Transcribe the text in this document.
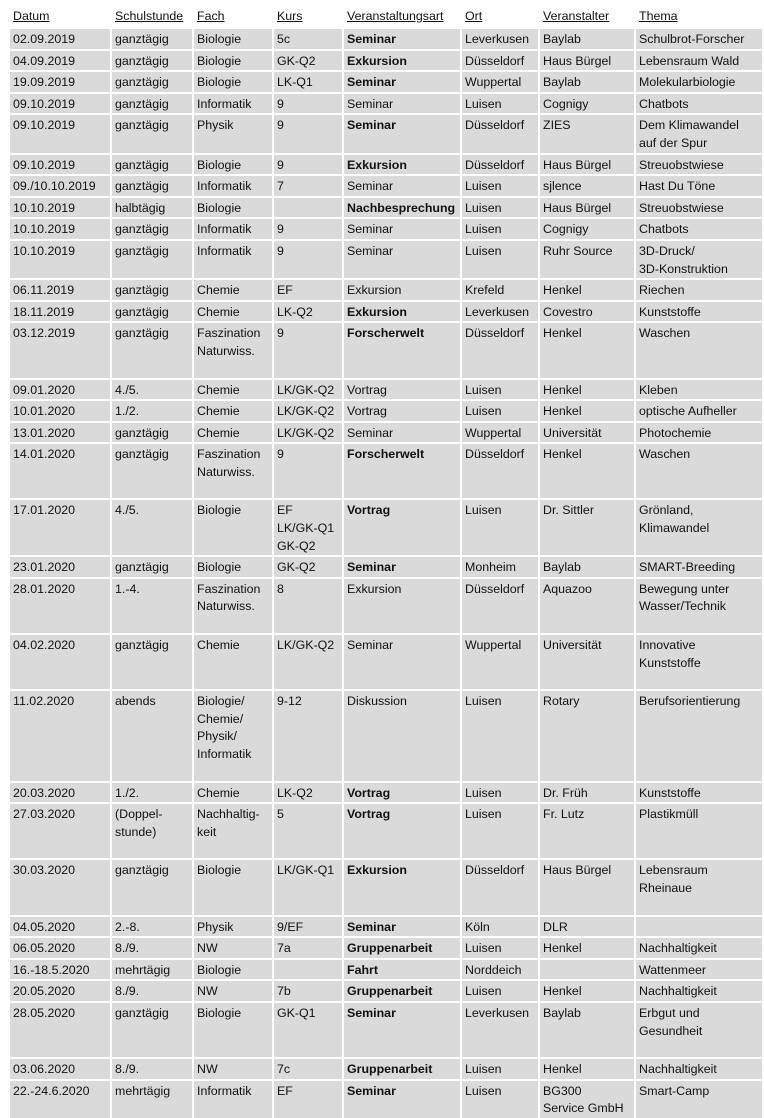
Datum	Schulstunde	Fach	Kurs	Veranstaltungsart	Ort	Veranstalter	Thema
02.09.2019	ganztägig	Biologie	5c	Seminar	Leverkusen	Baylab	Schulbrot-Forscher
04.09.2019	ganztägig	Biologie	GK-Q2	Exkursion	Düsseldorf	Haus Bürgel	Lebensraum Wald
19.09.2019	ganztägig	Biologie	LK-Q1	Seminar	Wuppertal	Baylab	Molekularbiologie
09.10.2019	ganztägig	Informatik	9	Seminar	Luisen	Cognigy	Chatbots
09.10.2019	ganztägig	Physik	9	Seminar	Düsseldorf	ZIES	Dem Klimawandel
auf der Spur
09.10.2019	ganztägig	Biologie	9	Exkursion	Düsseldorf	Haus Bürgel	Streuobstwiese
09./10.10.2019	ganztägig	Informatik	7	Seminar	Luisen	sjlence	Hast Du Töne
10.10.2019	halbtägig	Biologie		Nachbesprechung	Luisen	Haus Bürgel	Streuobstwiese
10.10.2019	ganztägig	Informatik	9	Seminar	Luisen	Cognigy	Chatbots
10.10.2019	ganztägig	Informatik	9	Seminar	Luisen	Ruhr Source	3D-Druck/
3D-Konstruktion
06.11.2019	ganztägig	Chemie	EF	Exkursion	Krefeld	Henkel	Riechen
18.11.2019	ganztägig	Chemie	LK-Q2	Exkursion	Leverkusen	Covestro	Kunststoffe
03.12.2019	ganztägig	Faszination
Naturwiss.	9	Forscherwelt	Düsseldorf	Henkel	Waschen
09.01.2020	4./5.	Chemie	LK/GK-Q2	Vortrag	Luisen	Henkel	Kleben
10.01.2020	1./2.	Chemie	LK/GK-Q2	Vortrag	Luisen	Henkel	optische Aufheller
13.01.2020	ganztägig	Chemie	LK/GK-Q2	Seminar	Wuppertal	Universität	Photochemie
14.01.2020	ganztägig	Faszination
Naturwiss.	9	Forscherwelt	Düsseldorf	Henkel	Waschen
17.01.2020	4./5.	Biologie	EF
LK/GK-Q1
GK-Q2	Vortrag	Luisen	Dr. Sittler	Grönland,
Klimawandel
23.01.2020	ganztägig	Biologie	GK-Q2	Seminar	Monheim	Baylab	SMART-Breeding
28.01.2020	1.-4.	Faszination
Naturwiss.	8	Exkursion	Düsseldorf	Aquazoo	Bewegung unter
Wasser/Technik
04.02.2020	ganztägig	Chemie	LK/GK-Q2	Seminar	Wuppertal	Universität	Innovative
Kunststoffe
11.02.2020	abends	Biologie/
Chemie/
Physik/
Informatik	9-12	Diskussion	Luisen	Rotary	Berufsorientierung
20.03.2020	1./2.	Chemie	LK-Q2	Vortrag	Luisen	Dr. Früh	Kunststoffe
27.03.2020	(Doppel-
stunde)	Nachhaltig-
keit	5	Vortrag	Luisen	Fr. Lutz	Plastikmüll
30.03.2020	ganztägig	Biologie	LK/GK-Q1	Exkursion	Düsseldorf	Haus Bürgel	Lebensraum
Rheinaue
04.05.2020	2.-8.	Physik	9/EF	Seminar	Köln	DLR	
06.05.2020	8./9.	NW	7a	Gruppenarbeit	Luisen	Henkel	Nachhaltigkeit
16.-18.5.2020	mehrtägig	Biologie		Fahrt	Norddeich		Wattenmeer
20.05.2020	8./9.	NW	7b	Gruppenarbeit	Luisen	Henkel	Nachhaltigkeit
28.05.2020	ganztägig	Biologie	GK-Q1	Seminar	Leverkusen	Baylab	Erbgut und
Gesundheit
03.06.2020	8./9.	NW	7c	Gruppenarbeit	Luisen	Henkel	Nachhaltigkeit
22.-24.6.2020	mehrtägig	Informatik	EF	Seminar	Luisen	BG300
Service GmbH	Smart-Camp
